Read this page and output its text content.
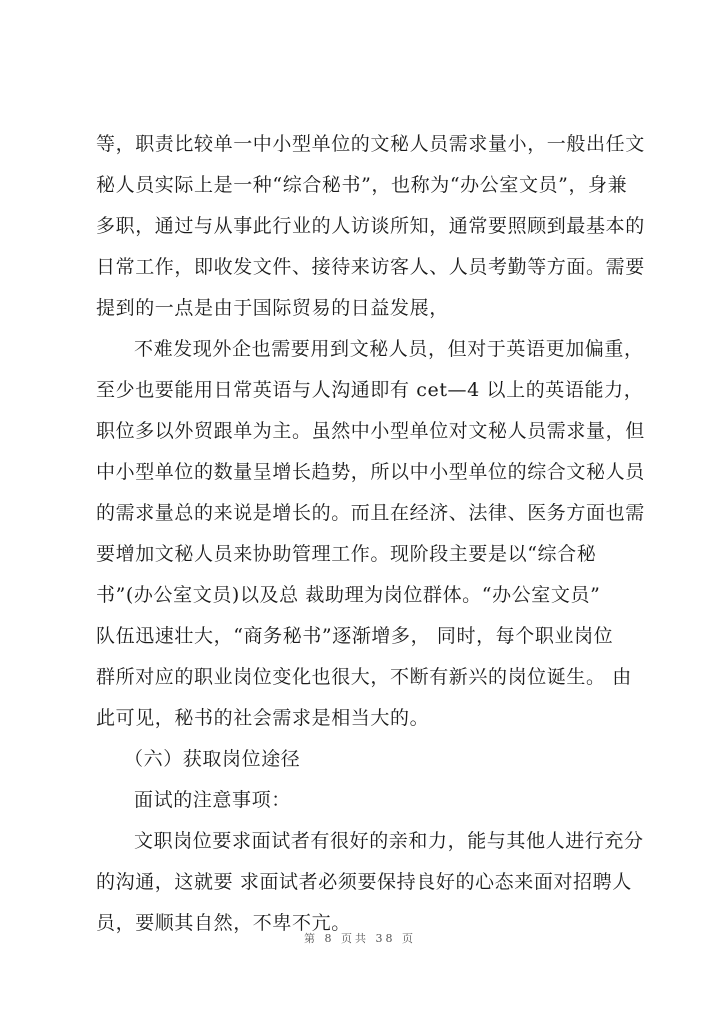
等，职责比较单一中小型单位的文秘人员需求量小，一般出任文
秘人员实际上是一种“综合秘书”，也称为“办公室文员”，身兼
多职，通过与从事此行业的人访谈所知，通常要照顾到最基本的
日常工作，即收发文件、接待来访客人、人员考勤等方面。需要
提到的一点是由于国际贸易的日益发展，
不难发现外企也需要用到文秘人员，但对于英语更加偏重，
至少也要能用日常英语与人沟通即有 cet—4 以上的英语能力，
职位多以外贸跟单为主。虽然中小型单位对文秘人员需求量，但
中小型单位的数量呈增长趋势，所以中小型单位的综合文秘人员
的需求量总的来说是增长的。而且在经济、法律、医务方面也需
要增加文秘人员来协助管理工作。现阶段主要是以“综合秘
书”(办公室文员)以及总 裁助理为岗位群体。“办公室文员”
队伍迅速壮大，“商务秘书”逐渐增多， 同时，每个职业岗位
群所对应的职业岗位变化也很大，不断有新兴的岗位诞生。 由
此可见，秘书的社会需求是相当大的。
（六）获取岗位途径
面试的注意事项：
文职岗位要求面试者有很好的亲和力，能与其他人进行充分
的沟通，这就要 求面试者必须要保持良好的心态来面对招聘人
员，要顺其自然，不卑不亢。
第 8 页共 38 页
